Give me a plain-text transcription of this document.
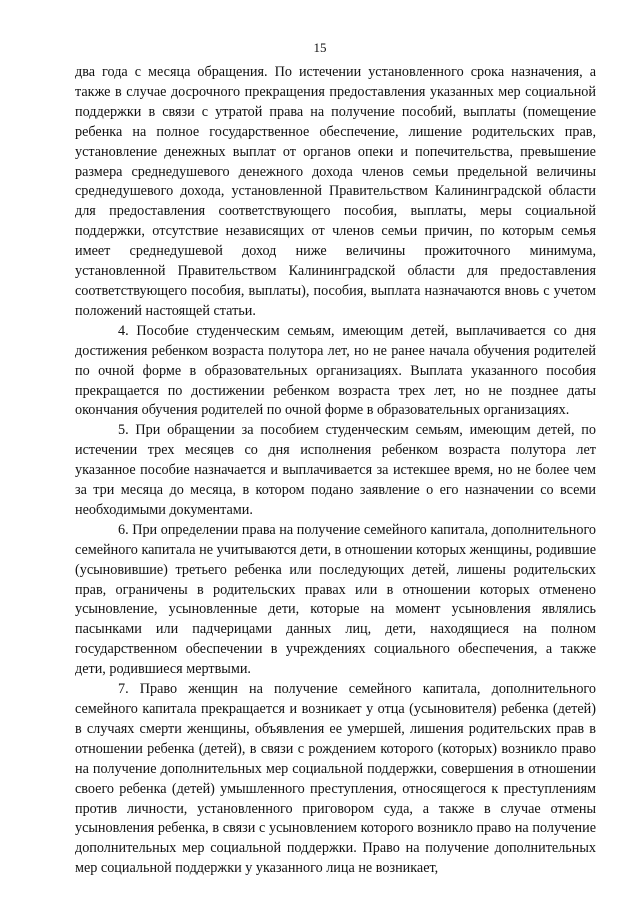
15

два года с месяца обращения. По истечении установленного срока назначения, а также в случае досрочного прекращения предоставления указанных мер социальной поддержки в связи с утратой права на получение пособий, выплаты (помещение ребенка на полное государственное обеспечение, лишение родительских прав, установление денежных выплат от органов опеки и попечительства, превышение размера среднедушевого денежного дохода членов семьи предельной величины среднедушевого дохода, установленной Правительством Калининградской области для предоставления соответствующего пособия, выплаты, меры социальной поддержки, отсутствие независящих от членов семьи причин, по которым семья имеет среднедушевой доход ниже величины прожиточного минимума, установленной Правительством Калининградской области для предоставления соответствующего пособия, выплаты), пособия, выплата назначаются вновь с учетом положений настоящей статьи.

4. Пособие студенческим семьям, имеющим детей, выплачивается со дня достижения ребенком возраста полутора лет, но не ранее начала обучения родителей по очной форме в образовательных организациях. Выплата указанного пособия прекращается по достижении ребенком возраста трех лет, но не позднее даты окончания обучения родителей по очной форме в образовательных организациях.

5. При обращении за пособием студенческим семьям, имеющим детей, по истечении трех месяцев со дня исполнения ребенком возраста полутора лет указанное пособие назначается и выплачивается за истекшее время, но не более чем за три месяца до месяца, в котором подано заявление о его назначении со всеми необходимыми документами.

6. При определении права на получение семейного капитала, дополнительного семейного капитала не учитываются дети, в отношении которых женщины, родившие (усыновившие) третьего ребенка или последующих детей, лишены родительских прав, ограничены в родительских правах или в отношении которых отменено усыновление, усыновленные дети, которые на момент усыновления являлись пасынками или падчерицами данных лиц, дети, находящиеся на полном государственном обеспечении в учреждениях социального обеспечения, а также дети, родившиеся мертвыми.

7. Право женщин на получение семейного капитала, дополнительного семейного капитала прекращается и возникает у отца (усыновителя) ребенка (детей) в случаях смерти женщины, объявления ее умершей, лишения родительских прав в отношении ребенка (детей), в связи с рождением которого (которых) возникло право на получение дополнительных мер социальной поддержки, совершения в отношении своего ребенка (детей) умышленного преступления, относящегося к преступлениям против личности, установленного приговором суда, а также в случае отмены усыновления ребенка, в связи с усыновлением которого возникло право на получение дополнительных мер социальной поддержки. Право на получение дополнительных мер социальной поддержки у указанного лица не возникает,
